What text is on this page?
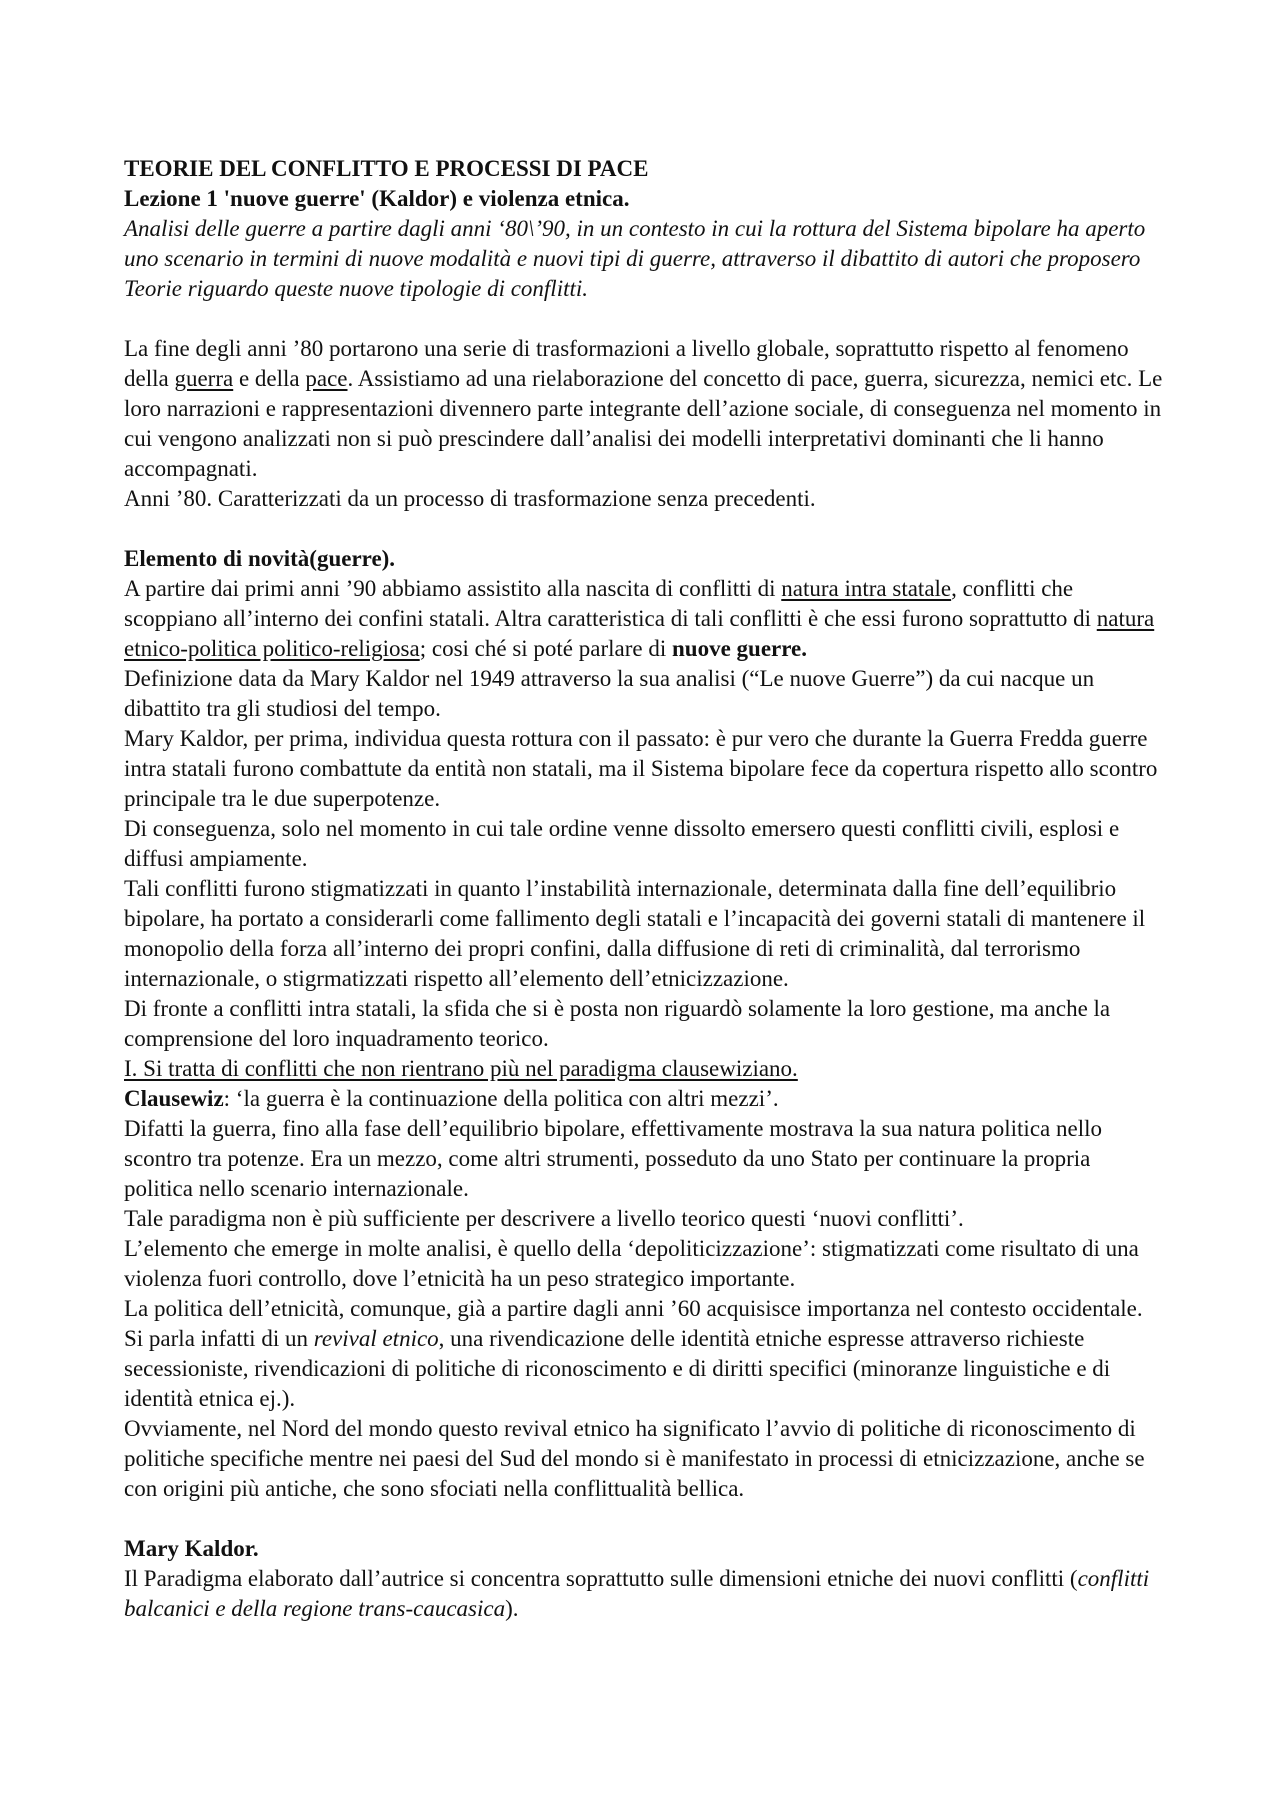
TEORIE DEL CONFLITTO E PROCESSI DI PACE

Lezione 1 'nuove guerre' (Kaldor) e violenza etnica.

Analisi delle guerre a partire dagli anni ‘80\’90, in un contesto in cui la rottura del Sistema bipolare ha aperto uno scenario in termini di nuove modalità e nuovi tipi di guerre, attraverso il dibattito di autori che proposero Teorie riguardo queste nuove tipologie di conflitti.

La fine degli anni ’80 portarono una serie di trasformazioni a livello globale, soprattutto rispetto al fenomeno della guerra e della pace. Assistiamo ad una rielaborazione del concetto di pace, guerra, sicurezza, nemici etc. Le loro narrazioni e rappresentazioni divennero parte integrante dell’azione sociale, di conseguenza nel momento in cui vengono analizzati non si può prescindere dall’analisi dei modelli interpretativi dominanti che li hanno accompagnati.

Anni ’80. Caratterizzati da un processo di trasformazione senza precedenti.

Elemento di novità(guerre).

A partire dai primi anni ’90 abbiamo assistito alla nascita di conflitti di natura intra statale, conflitti che scoppiano all’interno dei confini statali. Altra caratteristica di tali conflitti è che essi furono soprattutto di natura etnico-politica politico-religiosa; cosi ché si poté parlare di nuove guerre.

Definizione data da Mary Kaldor nel 1949 attraverso la sua analisi (“Le nuove Guerre”) da cui nacque un dibattito tra gli studiosi del tempo.

Mary Kaldor, per prima, individua questa rottura con il passato: è pur vero che durante la Guerra Fredda guerre intra statali furono combattute da entità non statali, ma il Sistema bipolare fece da copertura rispetto allo scontro principale tra le due superpotenze.

Di conseguenza, solo nel momento in cui tale ordine venne dissolto emersero questi conflitti civili, esplosi e diffusi ampiamente.

Tali conflitti furono stigmatizzati in quanto l’instabilità internazionale, determinata dalla fine dell’equilibrio bipolare, ha portato a considerarli come fallimento degli statali e l’incapacità dei governi statali di mantenere il monopolio della forza all’interno dei propri confini, dalla diffusione di reti di criminalità, dal terrorismo internazionale, o stigrmatizzati rispetto all’elemento dell’etnicizzazione.

Di fronte a conflitti intra statali, la sfida che si è posta non riguardò solamente la loro gestione, ma anche la comprensione del loro inquadramento teorico.

I. Si tratta di conflitti che non rientrano più nel paradigma clausewiziano.

Clausewiz: ‘la guerra è la continuazione della politica con altri mezzi’.

Difatti la guerra, fino alla fase dell’equilibrio bipolare, effettivamente mostrava la sua natura politica nello scontro tra potenze. Era un mezzo, come altri strumenti, posseduto da uno Stato per continuare la propria politica nello scenario internazionale.

Tale paradigma non è più sufficiente per descrivere a livello teorico questi ‘nuovi conflitti’.

L’elemento che emerge in molte analisi, è quello della ‘depoliticizzazione’: stigmatizzati come risultato di una violenza fuori controllo, dove l’etnicità ha un peso strategico importante.

La politica dell’etnicità, comunque, già a partire dagli anni ’60 acquisisce importanza nel contesto occidentale. Si parla infatti di un revival etnico, una rivendicazione delle identità etniche espresse attraverso richieste secessioniste, rivendicazioni di politiche di riconoscimento e di diritti specifici (minoranze linguistiche e di identità etnica ej.).

Ovviamente, nel Nord del mondo questo revival etnico ha significato l’avvio di politiche di riconoscimento di politiche specifiche mentre nei paesi del Sud del mondo si è manifestato in processi di etnicizzazione, anche se con origini più antiche, che sono sfociati nella conflittualità bellica.

Mary Kaldor.

Il Paradigma elaborato dall’autrice si concentra soprattutto sulle dimensioni etniche dei nuovi conflitti (conflitti balcanici e della regione trans-caucasica).
